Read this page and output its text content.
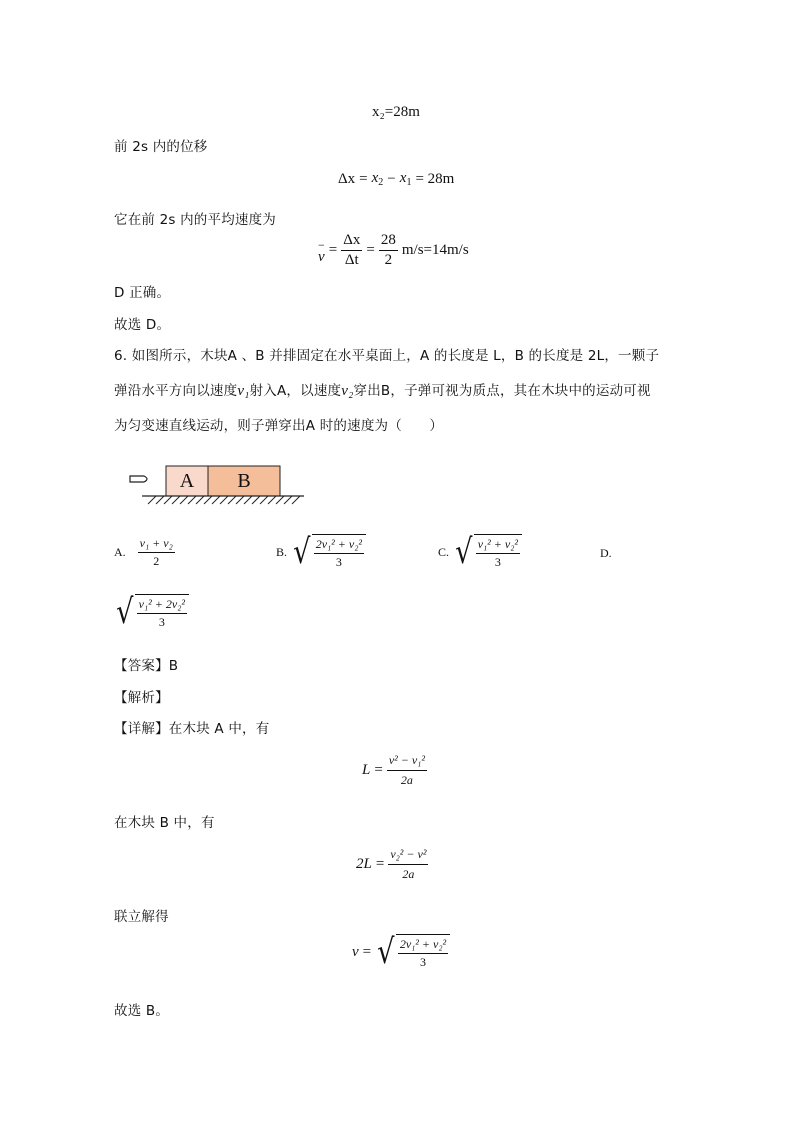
x₂=28m
前 2s 内的位移
$\Delta x = x_2 - x_1 = 28m$
它在前 2s 内的平均速度为
−
$v = \frac{\Delta x}{\Delta t} = \frac{28}{2} m/s=14m/s$
D 正确。
故选 D。
6. 如图所示，木块A 、B 并排固定在水平桌面上，A 的长度是 L，B 的长度是 2L，一颗子
弹沿水平方向以速度v₁射入A，以速度v₂穿出B，子弹可视为质点，其在木块中的运动可视
为匀变速直线运动，则子弹穿出A 时的速度为（　　）
A	B
A. $\frac{\text{v₁ + v₂}}{2}$	B. √ $\frac{\text{2v₁² + v₂²}}{3}$	C. √ $\frac{\text{v₁² + v₂²}}{3}$	D.
√ $\frac{\text{v₁² + 2v₂²}}{3}$
【答案】B
【解析】
【详解】在木块 A 中，有
$L = \frac{\text{v² − v₁²}}{2a}$
在木块 B 中，有
$2L = \frac{\text{v₂² − v²}}{2a}$
联立解得
v = √ $\frac{\text{2v₁² + v₂²}}{3}$
故选 B。
